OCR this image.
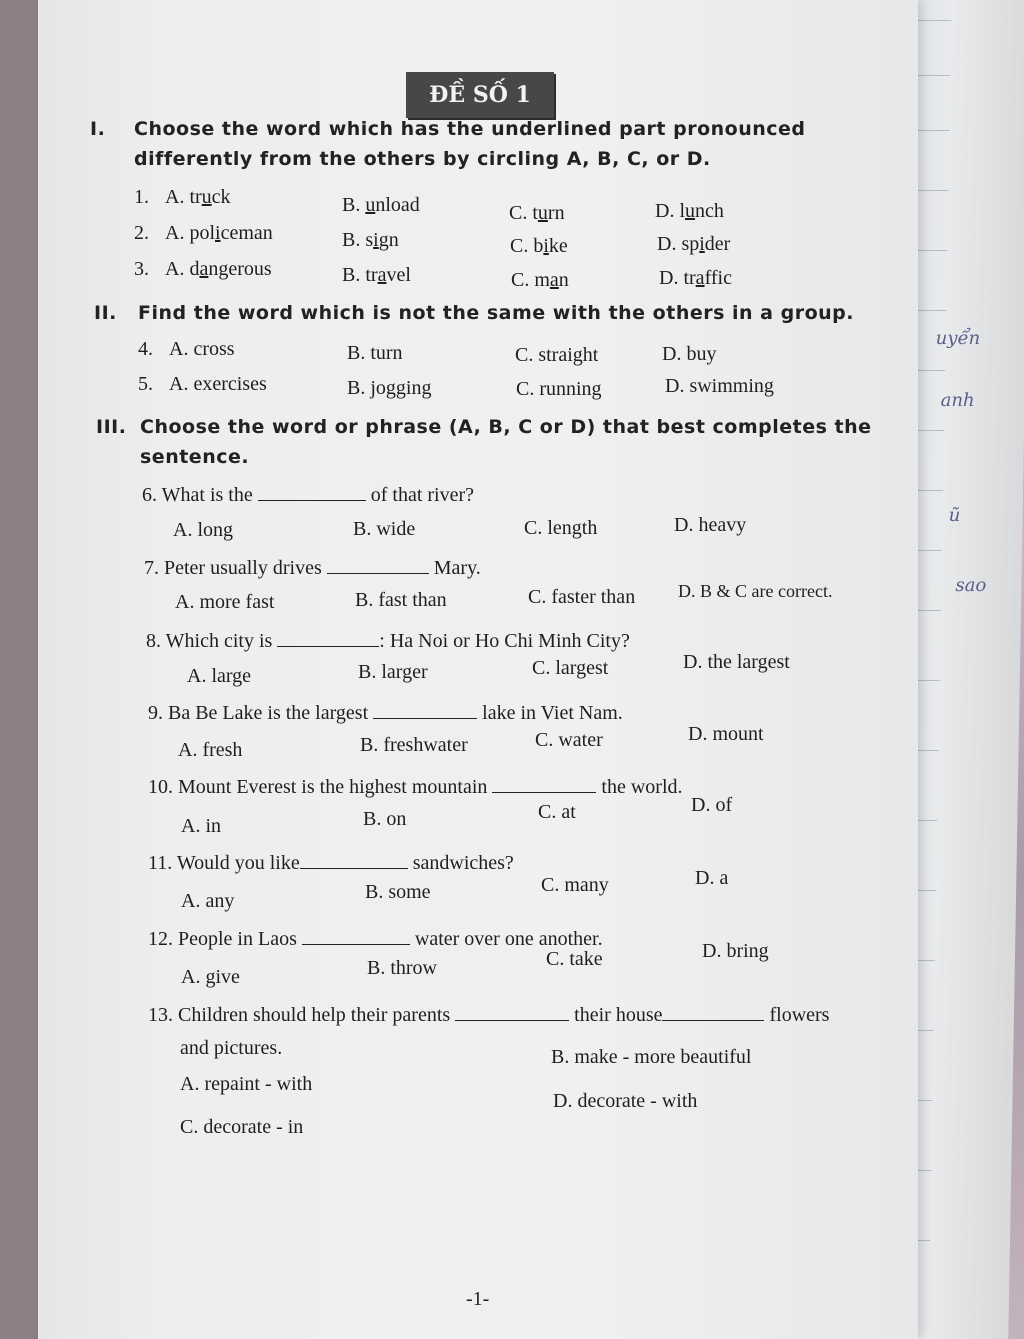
uyển
anh
ũ
sao
ĐỀ SỐ 1
I.	Choose the word which has the underlined part pronounced
differently from the others by circling A, B, C, or D.
1. A. truck	B. unload	C. turn	D. lunch
2. A. policeman	B. sign	C. bike	D. spider
3. A. dangerous	B. travel	C. man	D. traffic
II.	Find the word which is not the same with the others in a group.
4. A. cross	B. turn	C. straight	D. buy
5. A. exercises	B. jogging	C. running	D. swimming
III. Choose the word or phrase (A, B, C or D) that best completes the
sentence.
6. What is the	of that river?
A. long	B. wide	C. length	D. heavy
7. Peter usually drives	Mary.
A. more fast	B. fast than	C. faster than D. B & C are correct.
8. Which city is	: Ha Noi or Ho Chi Minh City?
A. large	B. larger	C. largest	D. the largest
9. Ba Be Lake is the largest	lake in Viet Nam.
A. fresh	B. freshwater	C. water	D. mount
10. Mount Everest is the highest mountain	the world.
A. in	B. on	C. at	D. of
11. Would you like	sandwiches?
A. any	B. some	C. many	D. a
12. People in Laos	water over one another.
A. give	B. throw	C. take	D. bring
13. Children should help their parents	their house	flowers
and pictures.
A. repaint - with
B. make - more beautiful
C. decorate - in
D. decorate - with
-1-
